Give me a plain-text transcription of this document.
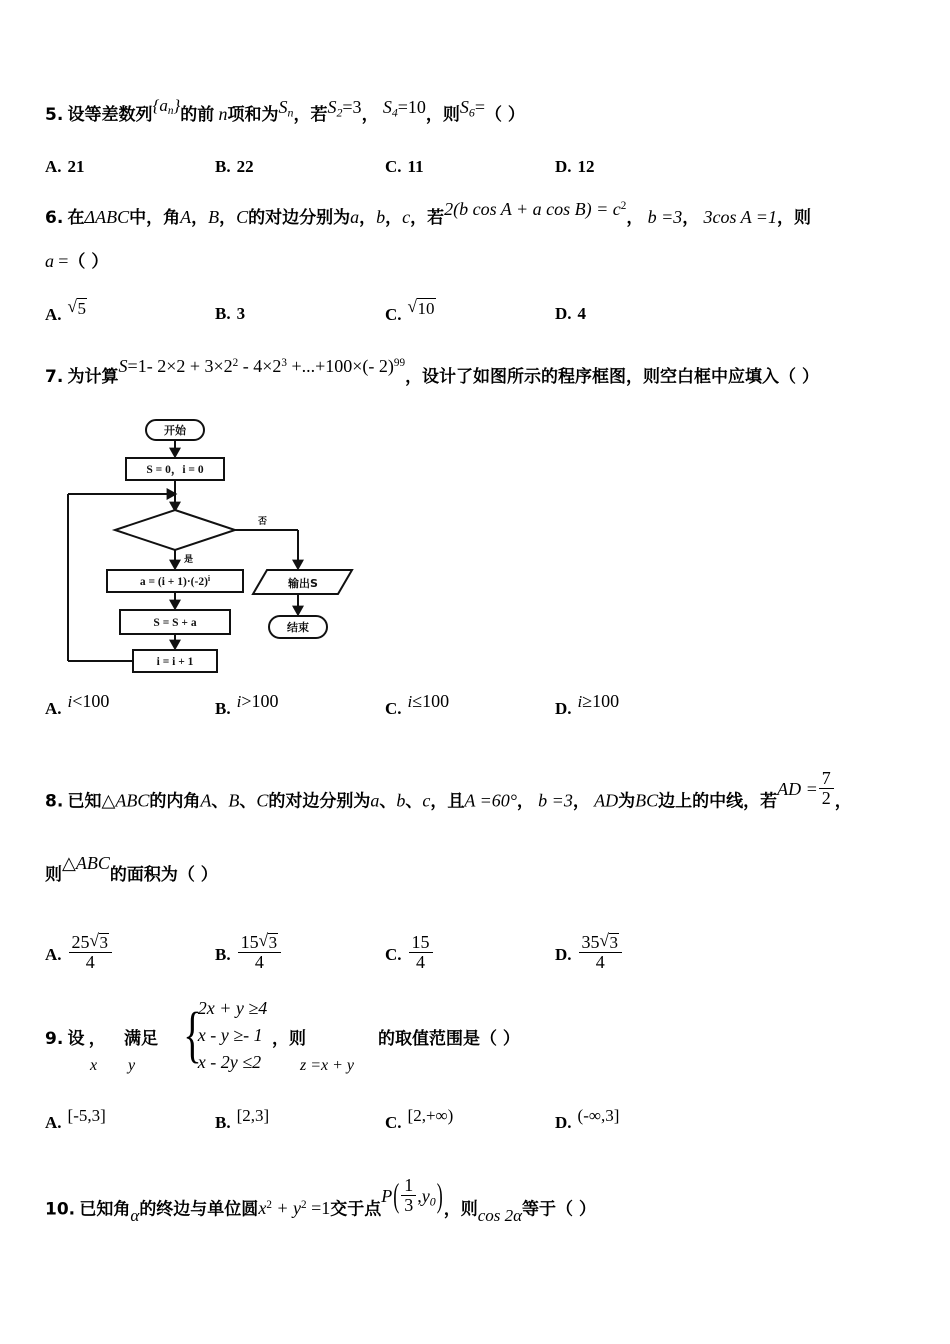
5. 设等差数列$\{a_n\}$的前 n项和为$S_n$，若$S_2=3$， $S_4=10$，则$S_6=$（ ）
A. 21	B. 22	C. 11	D. 12
6. 在ΔABC中，角A，B，C的对边分别为a，b，c，若2(b cos A + a $\cos B) = c^2$， b =3， 3cos A =1，则
a =（ ）
A. √ 5	B. 3	C. √ 10	D. 4
7. 为计算S=1- $2\times 2 + 3\times 2^2 - 4\times 2^3 +...+100\times(-$ 2)$^{99}$，设计了如图所示的程序框图，则空白框中应填入（ ）
开始
S = 0，i = 0
是
否
$a = (i + 1)\cdot(-2)^i$
S = S + a
i = i + 1
输出S
结束
A. i<100	B. i>100	C. i≤100	D. i≥100
8. 已知△ABC的内角A、B、C的对边分别为a、b、c，且A =60°， b =3， AD为BC边上的中线，若AD = $\frac{7}{2}$ ，
则△ABC的面积为（ ）
A. $\frac{25 √ 3}{4}$	B. $\frac{15 √ 3}{4}$	C. $\frac{15}{4}$	D. $\frac{35 √ 3}{4}$
9. 设 ， 满足
x y {
2x + y ≥4
x - y ≥- 1
x - 2y ≤2
，则
z =x + y
的取值范围是（ ）
A. [-5,3]	B. [2,3]	C. [2,+∞)	D. (-∞,3]
10. 已知角α的终边与单位圆$x^2 + y^2 =1$交于点$P( \frac{1}{3} ,y_0)$，则cos 2α等于（ ）
